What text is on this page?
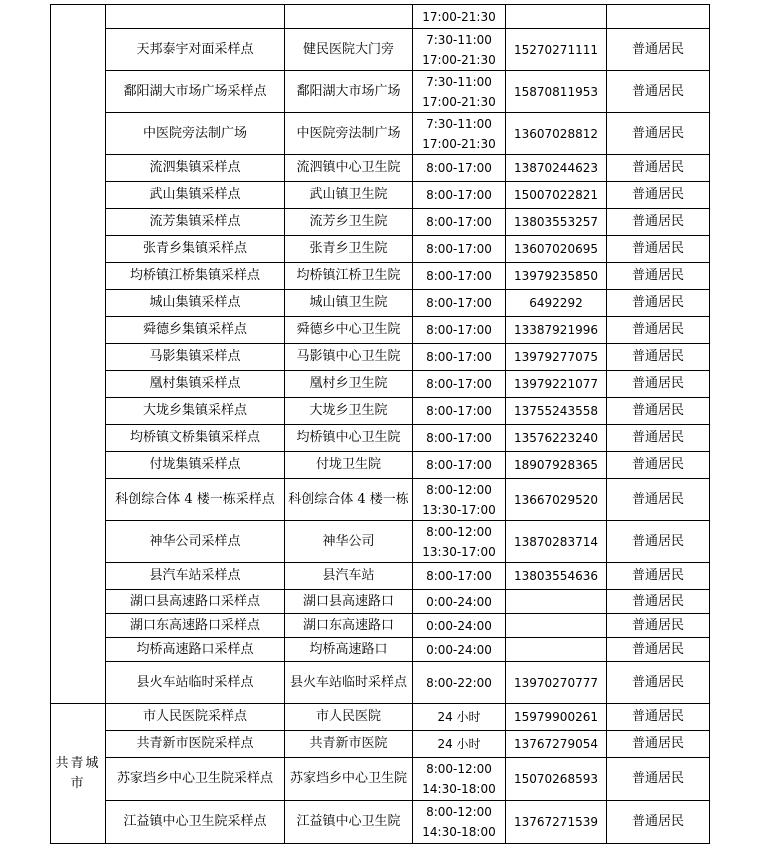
			17:00-21:30		

	天邦泰宇对面采样点	健民医院大门旁	7:30-11:00
17:00-21:30	15270271111	普通居民
	鄱阳湖大市场广场采样点	鄱阳湖大市场广场	7:30-11:00
17:00-21:30	15870811953	普通居民
	中医院旁法制广场	中医院旁法制广场	7:30-11:00
17:00-21:30	13607028812	普通居民
	流泗集镇采样点	流泗镇中心卫生院	8:00-17:00	13870244623	普通居民
	武山集镇采样点	武山镇卫生院	8:00-17:00	15007022821	普通居民
	流芳集镇采样点	流芳乡卫生院	8:00-17:00	13803553257	普通居民
	张青乡集镇采样点	张青乡卫生院	8:00-17:00	13607020695	普通居民
	均桥镇江桥集镇采样点	均桥镇江桥卫生院	8:00-17:00	13979235850	普通居民
	城山集镇采样点	城山镇卫生院	8:00-17:00	6492292	普通居民
	舜德乡集镇采样点	舜德乡中心卫生院	8:00-17:00	13387921996	普通居民
	马影集镇采样点	马影镇中心卫生院	8:00-17:00	13979277075	普通居民
	凰村集镇采样点	凰村乡卫生院	8:00-17:00	13979221077	普通居民
	大垅乡集镇采样点	大垅乡卫生院	8:00-17:00	13755243558	普通居民
	均桥镇文桥集镇采样点	均桥镇中心卫生院	8:00-17:00	13576223240	普通居民
	付垅集镇采样点	付垅卫生院	8:00-17:00	18907928365	普通居民
	科创综合体 4 楼一栋采样点	科创综合体 4 楼一栋	8:00-12:00
13:30-17:00	13667029520	普通居民
	神华公司采样点	神华公司	8:00-12:00
13:30-17:00	13870283714	普通居民
	县汽车站采样点	县汽车站	8:00-17:00	13803554636	普通居民
	湖口县高速路口采样点	湖口县高速路口	0:00-24:00		普通居民
	湖口东高速路口采样点	湖口东高速路口	0:00-24:00		普通居民
	均桥高速路口采样点	均桥高速路口	0:00-24:00		普通居民
	县火车站临时采样点	县火车站临时采样点	8:00-22:00	13970270777	普通居民
共青城市	市人民医院采样点	市人民医院	24 小时	15979900261	普通居民
	共青新市医院采样点	共青新市医院	24 小时	13767279054	普通居民
	苏家垱乡中心卫生院采样点	苏家垱乡中心卫生院	8:00-12:00
14:30-18:00	15070268593	普通居民
	江益镇中心卫生院采样点	江益镇中心卫生院	8:00-12:00
14:30-18:00	13767271539	普通居民
